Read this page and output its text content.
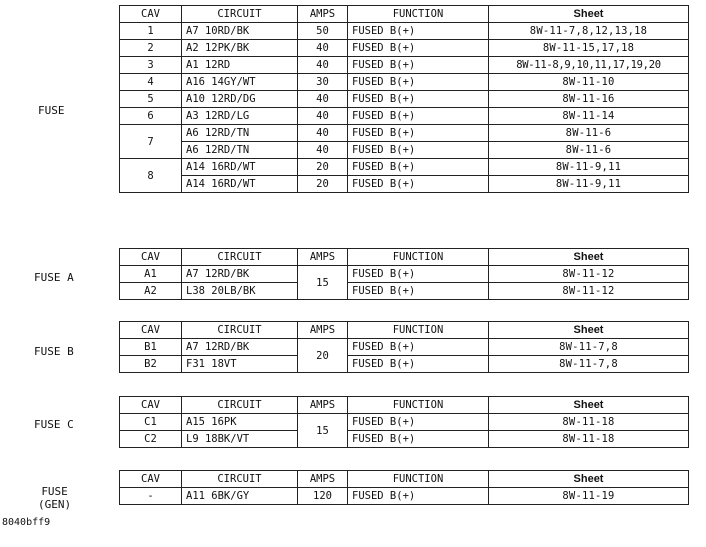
FUSE
CAV	CIRCUIT	AMPS	FUNCTION	Sheet
1	A7 10RD/BK	50	FUSED B(+)	8W-11-7,8,12,13,18
2	A2 12PK/BK	40	FUSED B(+)	8W-11-15,17,18
3	A1 12RD	40	FUSED B(+)	8W-11-8,9,10,11,17,19,20
4	A16 14GY/WT	30	FUSED B(+)	8W-11-10
5	A10 12RD/DG	40	FUSED B(+)	8W-11-16
6	A3 12RD/LG	40	FUSED B(+)	8W-11-14
7	A6 12RD/TN	40	FUSED B(+)	8W-11-6
	A6 12RD/TN	40	FUSED B(+)	8W-11-6
8	A14 16RD/WT	20	FUSED B(+)	8W-11-9,11
	A14 16RD/WT	20	FUSED B(+)	8W-11-9,11
FUSE A
CAV	CIRCUIT	AMPS	FUNCTION	Sheet
A1	A7 12RD/BK	15	FUSED B(+)	8W-11-12
A2	L38 20LB/BK		FUSED B(+)	8W-11-12
FUSE B
CAV	CIRCUIT	AMPS	FUNCTION	Sheet
B1	A7 12RD/BK	20	FUSED B(+)	8W-11-7,8
B2	F31 18VT		FUSED B(+)	8W-11-7,8
FUSE C
CAV	CIRCUIT	AMPS	FUNCTION	Sheet
C1	A15 16PK	15	FUSED B(+)	8W-11-18
C2	L9 18BK/VT		FUSED B(+)	8W-11-18
FUSE
(GEN)
CAV	CIRCUIT	AMPS	FUNCTION	Sheet
-	A11 6BK/GY	120	FUSED B(+)	8W-11-19
8040bff9
